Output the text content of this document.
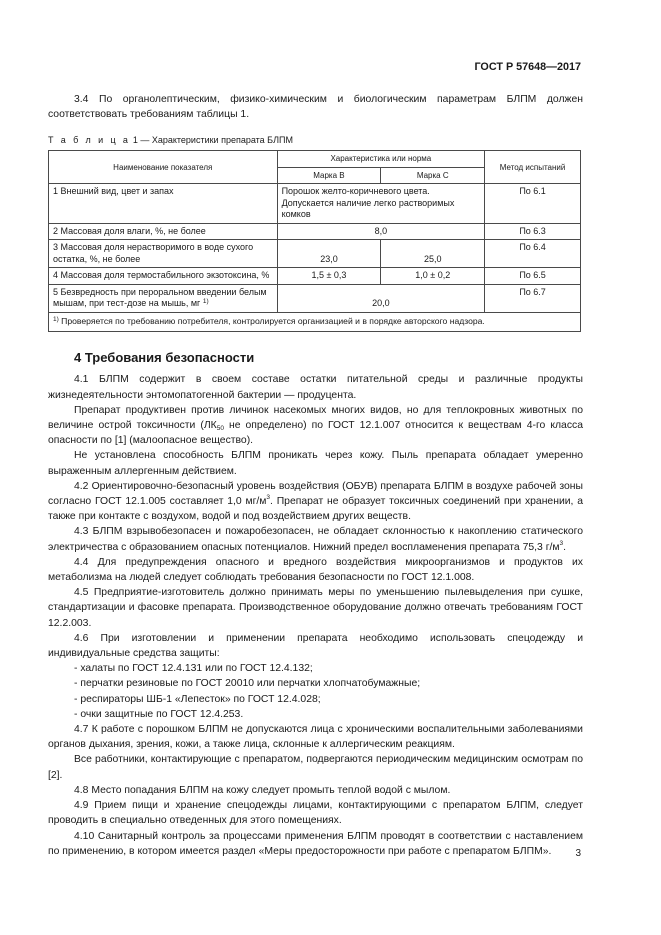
ГОСТ Р 57648—2017

3.4 По органолептическим, физико-химическим и биологическим параметрам БЛПМ должен соответствовать требованиям таблицы 1.

Т а б л и ц а 1 — Характеристики препарата БЛПМ
Наименование показателя	Характеристика или норма		Метод испытаний
	Марка B	Марка C	
1 Внешний вид, цвет и запах	Порошок желто-коричневого цвета. Допускается наличие легко растворимых комков		По 6.1
2 Массовая доля влаги, %, не более	8,0		По 6.3
3 Массовая доля нерастворимого в воде сухого остатка, %, не более	23,0	25,0	По 6.4
4 Массовая доля термостабильного экзотоксина, %	1,5 ± 0,3	1,0 ± 0,2	По 6.5
5 Безвредность при пероральном введении белым мышам, при тест-дозе на мышь, мг $^{1)}$	20,0		По 6.7
$^{1)}$ Проверяется по требованию потребителя, контролируется организацией и в порядке авторского надзора.			
4 Требования безопасности

4.1 БЛПМ содержит в своем составе остатки питательной среды и различные продукты жизнедеятельности энтомопатогенной бактерии — продуцента.

Препарат продуктивен против личинок насекомых многих видов, но для теплокровных животных по величине острой токсичности ($ЛК_{50}$ не определено) по ГОСТ 12.1.007 относится к веществам 4-го класса опасности по [1] (малоопасное вещество).

Не установлена способность БЛПМ проникать через кожу. Пыль препарата обладает умеренно выраженным аллергенным действием.

4.2 Ориентировочно-безопасный уровень воздействия (ОБУВ) препарата БЛПМ в воздухе рабочей зоны согласно ГОСТ 12.1.005 составляет 1,0 $мг/м^3$. Препарат не образует токсичных соединений при хранении, а также при контакте с воздухом, водой и под воздействием других веществ.

4.3 БЛПМ взрывобезопасен и пожаробезопасен, не обладает склонностью к накоплению статического электричества с образованием опасных потенциалов. Нижний предел воспламенения препарата 75,3 $г/м^3$.

4.4 Для предупреждения опасного и вредного воздействия микроорганизмов и продуктов их метаболизма на людей следует соблюдать требования безопасности по ГОСТ 12.1.008.

4.5 Предприятие-изготовитель должно принимать меры по уменьшению пылевыделения при сушке, стандартизации и фасовке препарата. Производственное оборудование должно отвечать требованиям ГОСТ 12.2.003.

4.6 При изготовлении и применении препарата необходимо использовать спецодежду и индивидуальные средства защиты:

- халаты по ГОСТ 12.4.131 или по ГОСТ 12.4.132;

- перчатки резиновые по ГОСТ 20010 или перчатки хлопчатобумажные;

- респираторы ШБ-1 «Лепесток» по ГОСТ 12.4.028;

- очки защитные по ГОСТ 12.4.253.

4.7 К работе с порошком БЛПМ не допускаются лица с хроническими воспалительными заболеваниями органов дыхания, зрения, кожи, а также лица, склонные к аллергическим реакциям.

Все работники, контактирующие с препаратом, подвергаются периодическим медицинским осмотрам по [2].

4.8 Место попадания БЛПМ на кожу следует промыть теплой водой с мылом.

4.9 Прием пищи и хранение спецодежды лицами, контактирующими с препаратом БЛПМ, следует проводить в специально отведенных для этого помещениях.

4.10 Санитарный контроль за процессами применения БЛПМ проводят в соответствии с наставлением по применению, в котором имеется раздел «Меры предосторожности при работе с препаратом БЛПМ».	3
